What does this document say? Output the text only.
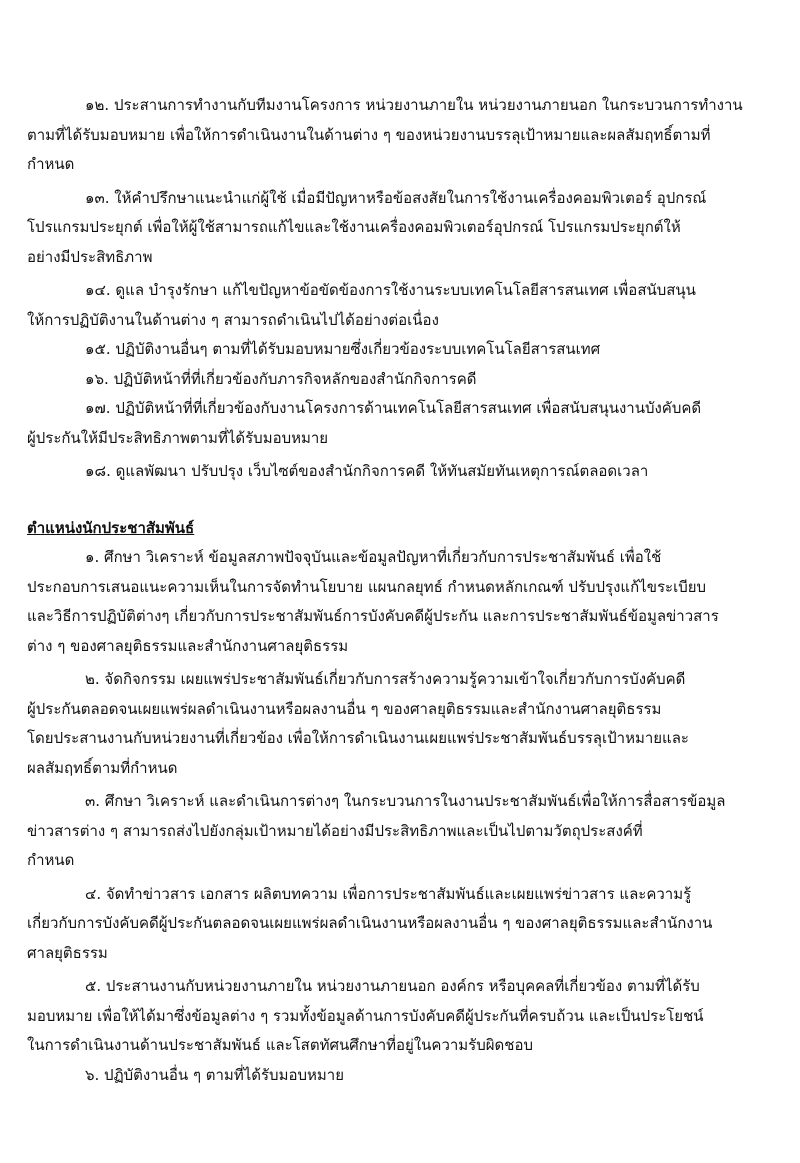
๑๒. ประสานการทำงานกับทีมงานโครงการ หน่วยงานภายใน หน่วยงานภายนอก ในกระบวนการทำงาน
ตามที่ได้รับมอบหมาย เพื่อให้การดำเนินงานในด้านต่าง ๆ ของหน่วยงานบรรลุเป้าหมายและผลสัมฤทธิ์ตามที่
กำหนด

๑๓. ให้คำปรึกษาแนะนำแก่ผู้ใช้ เมื่อมีปัญหาหรือข้อสงสัยในการใช้งานเครื่องคอมพิวเตอร์ อุปกรณ์
โปรแกรมประยุกต์ เพื่อให้ผู้ใช้สามารถแก้ไขและใช้งานเครื่องคอมพิวเตอร์อุปกรณ์ โปรแกรมประยุกต์ให้
อย่างมีประสิทธิภาพ

๑๔. ดูแล บำรุงรักษา แก้ไขปัญหาข้อขัดข้องการใช้งานระบบเทคโนโลยีสารสนเทศ เพื่อสนับสนุน
ให้การปฏิบัติงานในด้านต่าง ๆ สามารถดำเนินไปได้อย่างต่อเนื่อง

๑๕. ปฏิบัติงานอื่นๆ ตามที่ได้รับมอบหมายซึ่งเกี่ยวข้องระบบเทคโนโลยีสารสนเทศ

๑๖. ปฏิบัติหน้าที่ที่เกี่ยวข้องกับภารกิจหลักของสำนักกิจการคดี

๑๗. ปฏิบัติหน้าที่ที่เกี่ยวข้องกับงานโครงการด้านเทคโนโลยีสารสนเทศ เพื่อสนับสนุนงานบังคับคดี
ผู้ประกันให้มีประสิทธิภาพตามที่ได้รับมอบหมาย

๑๘. ดูแลพัฒนา ปรับปรุง เว็บไซต์ของสำนักกิจการคดี ให้ทันสมัยทันเหตุการณ์ตลอดเวลา

ตำแหน่งนักประชาสัมพันธ์

๑. ศึกษา วิเคราะห์ ข้อมูลสภาพปัจจุบันและข้อมูลปัญหาที่เกี่ยวกับการประชาสัมพันธ์ เพื่อใช้
ประกอบการเสนอแนะความเห็นในการจัดทำนโยบาย แผนกลยุทธ์ กำหนดหลักเกณฑ์ ปรับปรุงแก้ไขระเบียบ
และวิธีการปฏิบัติต่างๆ เกี่ยวกับการประชาสัมพันธ์การบังคับคดีผู้ประกัน และการประชาสัมพันธ์ข้อมูลข่าวสาร
ต่าง ๆ ของศาลยุติธรรมและสำนักงานศาลยุติธรรม

๒. จัดกิจกรรม เผยแพร่ประชาสัมพันธ์เกี่ยวกับการสร้างความรู้ความเข้าใจเกี่ยวกับการบังคับคดี
ผู้ประกันตลอดจนเผยแพร่ผลดำเนินงานหรือผลงานอื่น ๆ ของศาลยุติธรรมและสำนักงานศาลยุติธรรม
โดยประสานงานกับหน่วยงานที่เกี่ยวข้อง เพื่อให้การดำเนินงานเผยแพร่ประชาสัมพันธ์บรรลุเป้าหมายและ
ผลสัมฤทธิ์ตามที่กำหนด

๓. ศึกษา วิเคราะห์ และดำเนินการต่างๆ ในกระบวนการในงานประชาสัมพันธ์เพื่อให้การสื่อสารข้อมูล
ข่าวสารต่าง ๆ สามารถส่งไปยังกลุ่มเป้าหมายได้อย่างมีประสิทธิภาพและเป็นไปตามวัตถุประสงค์ที่
กำหนด

๔. จัดทำข่าวสาร เอกสาร ผลิตบทความ เพื่อการประชาสัมพันธ์และเผยแพร่ข่าวสาร และความรู้
เกี่ยวกับการบังคับคดีผู้ประกันตลอดจนเผยแพร่ผลดำเนินงานหรือผลงานอื่น ๆ ของศาลยุติธรรมและสำนักงาน
ศาลยุติธรรม

๕. ประสานงานกับหน่วยงานภายใน หน่วยงานภายนอก องค์กร หรือบุคคลที่เกี่ยวข้อง ตามที่ได้รับ
มอบหมาย เพื่อให้ได้มาซึ่งข้อมูลต่าง ๆ รวมทั้งข้อมูลด้านการบังคับคดีผู้ประกันที่ครบถ้วน และเป็นประโยชน์
ในการดำเนินงานด้านประชาสัมพันธ์ และโสตทัศนศึกษาที่อยู่ในความรับผิดชอบ

๖. ปฏิบัติงานอื่น ๆ ตามที่ได้รับมอบหมาย
